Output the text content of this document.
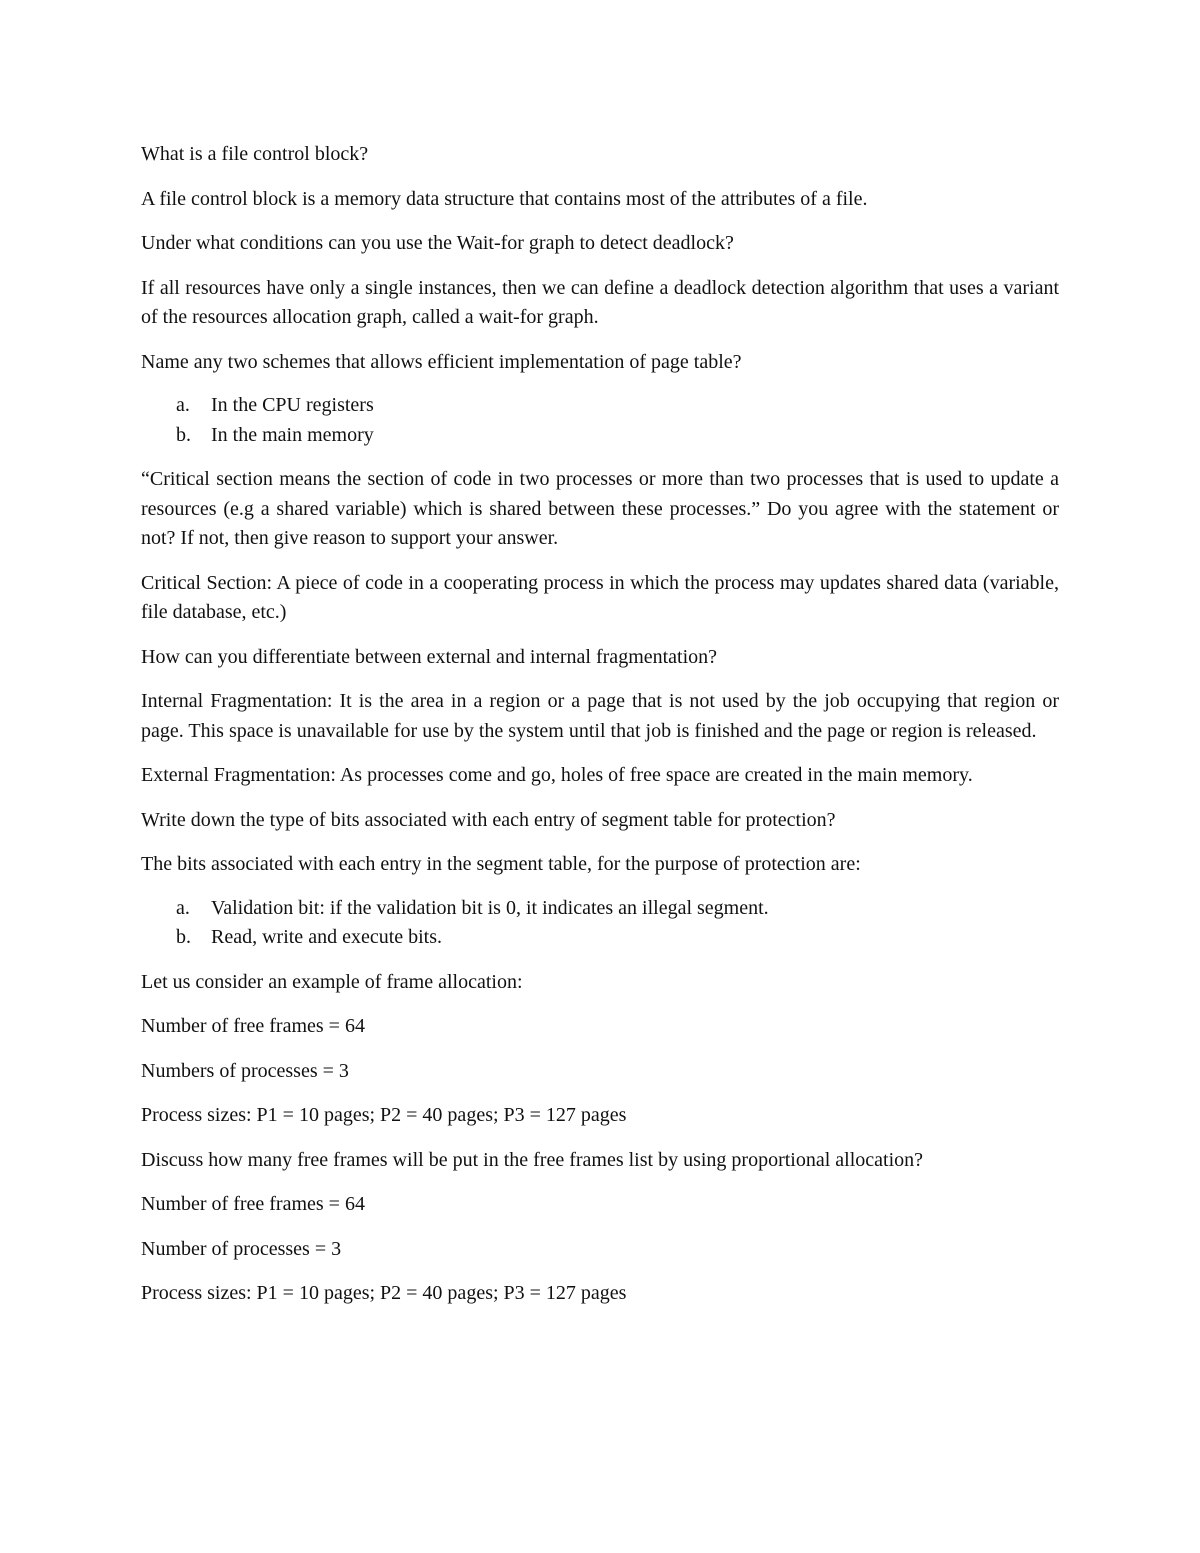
What is a file control block?

A file control block is a memory data structure that contains most of the attributes of a file.

Under what conditions can you use the Wait-for graph to detect deadlock?

If all resources have only a single instances, then we can define a deadlock detection algorithm that uses a variant of the resources allocation graph, called a wait-for graph.

Name any two schemes that allows efficient implementation of page table?

a. In the CPU registers
b. In the main memory

“Critical section means the section of code in two processes or more than two processes that is used to update a resources (e.g a shared variable) which is shared between these processes.” Do you agree with the statement or not? If not, then give reason to support your answer.

Critical Section: A piece of code in a cooperating process in which the process may updates shared data (variable, file database, etc.)

How can you differentiate between external and internal fragmentation?

Internal Fragmentation: It is the area in a region or a page that is not used by the job occupying that region or page. This space is unavailable for use by the system until that job is finished and the page or region is released.

External Fragmentation: As processes come and go, holes of free space are created in the main memory.

Write down the type of bits associated with each entry of segment table for protection?

The bits associated with each entry in the segment table, for the purpose of protection are:

a. Validation bit: if the validation bit is 0, it indicates an illegal segment.
b. Read, write and execute bits.

Let us consider an example of frame allocation:

Number of free frames = 64

Numbers of processes = 3

Process sizes: P1 = 10 pages; P2 = 40 pages; P3 = 127 pages

Discuss how many free frames will be put in the free frames list by using proportional allocation?

Number of free frames = 64

Number of processes = 3

Process sizes: P1 = 10 pages; P2 = 40 pages; P3 = 127 pages
